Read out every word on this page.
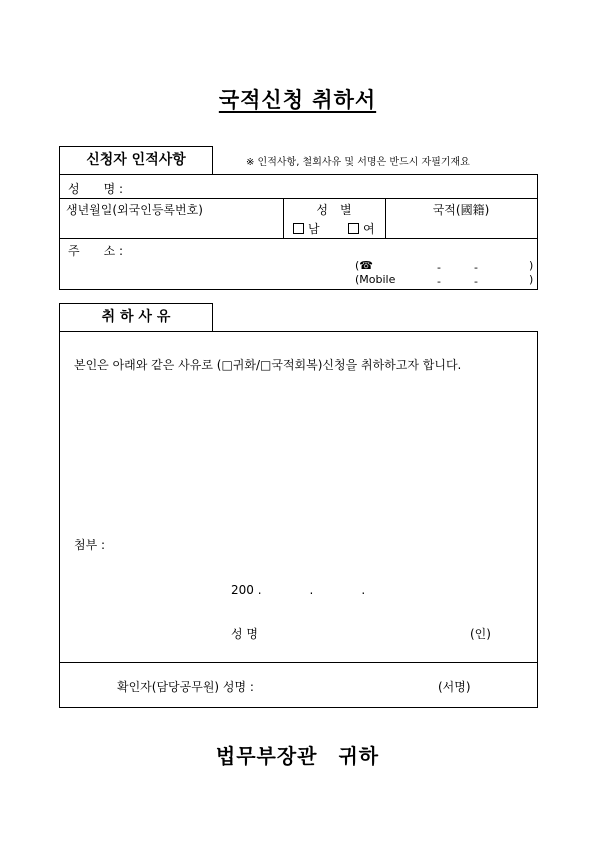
국적신청 취하서
신청자 인적사항	※ 인적사항, 철회사유 및 서명은 반드시 자필기재요
성　　명 :
생년월일(외국인등록번호)	성　별
남	여
국적(國籍)
주　　소 :
(☎	-　　　-	)
(Mobile	-　　　-	)
취 하 사 유
본인은 아래와 같은 사유로 (□귀화/□국적회복)신청을 취하하고자 합니다.
첨부 :
200 .　　　　.　　　　.
성 명	(인)
확인자(담당공무원) 성명 :	(서명)
법무부장관　귀하
